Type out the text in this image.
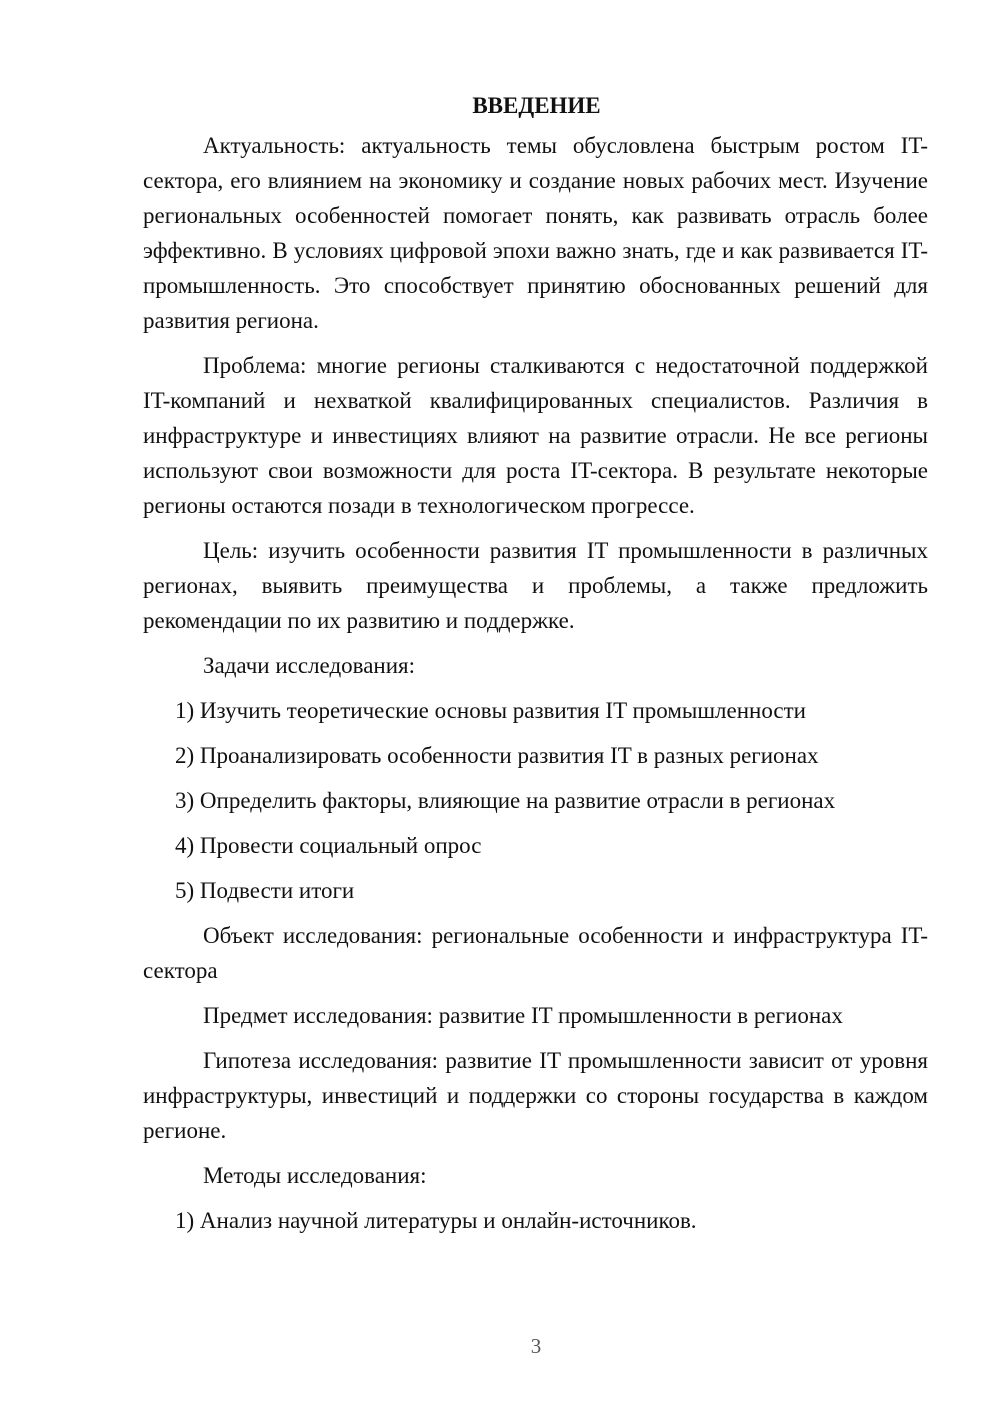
ВВЕДЕНИЕ

Актуальность: актуальность темы обусловлена быстрым ростом IT-сектора, его влиянием на экономику и создание новых рабочих мест. Изучение региональных особенностей помогает понять, как развивать отрасль более эффективно. В условиях цифровой эпохи важно знать, где и как развивается IT-промышленность. Это способствует принятию обоснованных решений для развития региона.

Проблема: многие регионы сталкиваются с недостаточной поддержкой IT-компаний и нехваткой квалифицированных специалистов. Различия в инфраструктуре и инвестициях влияют на развитие отрасли. Не все регионы используют свои возможности для роста IT-сектора. В результате некоторые регионы остаются позади в технологическом прогрессе.

Цель: изучить особенности развития IT промышленности в различных регионах, выявить преимущества и проблемы, а также предложить рекомендации по их развитию и поддержке.

Задачи исследования:
1) Изучить теоретические основы развития IT промышленности
2) Проанализировать особенности развития IT в разных регионах
3) Определить факторы, влияющие на развитие отрасли в регионах
4) Провести социальный опрос
5) Подвести итоги

Объект исследования: региональные особенности и инфраструктура IT-сектора

Предмет исследования: развитие IT промышленности в регионах

Гипотеза исследования: развитие IT промышленности зависит от уровня инфраструктуры, инвестиций и поддержки со стороны государства в каждом регионе.

Методы исследования:
1) Анализ научной литературы и онлайн-источников.
3
